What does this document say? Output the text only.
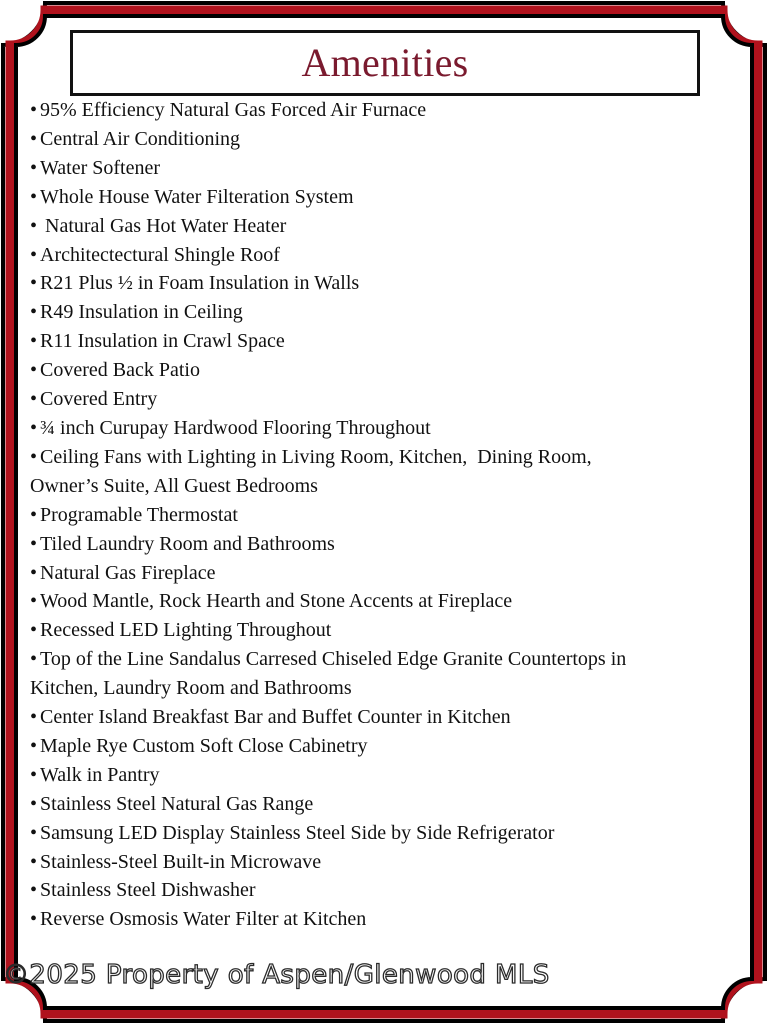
Amenities
• 95% Efficiency Natural Gas Forced Air Furnace
• Central Air Conditioning
• Water Softener
• Whole House Water Filteration System
• Natural Gas Hot Water Heater
• Architectectural Shingle Roof
• R21 Plus ½ in Foam Insulation in Walls
• R49 Insulation in Ceiling
• R11 Insulation in Crawl Space
• Covered Back Patio
• Covered Entry
• ¾ inch Curupay Hardwood Flooring Throughout
• Ceiling Fans with Lighting in Living Room, Kitchen,  Dining Room,
Owner’s Suite, All Guest Bedrooms
• Programable Thermostat
• Tiled Laundry Room and Bathrooms
• Natural Gas Fireplace
• Wood Mantle, Rock Hearth and Stone Accents at Fireplace
• Recessed LED Lighting Throughout
• Top of the Line Sandalus Carresed Chiseled Edge Granite Countertops in
Kitchen, Laundry Room and Bathrooms
• Center Island Breakfast Bar and Buffet Counter in Kitchen
• Maple Rye Custom Soft Close Cabinetry
• Walk in Pantry
• Stainless Steel Natural Gas Range
• Samsung LED Display Stainless Steel Side by Side Refrigerator
• Stainless-Steel Built-in Microwave
• Stainless Steel Dishwasher
• Reverse Osmosis Water Filter at Kitchen
©2025 Property of Aspen/Glenwood MLS
